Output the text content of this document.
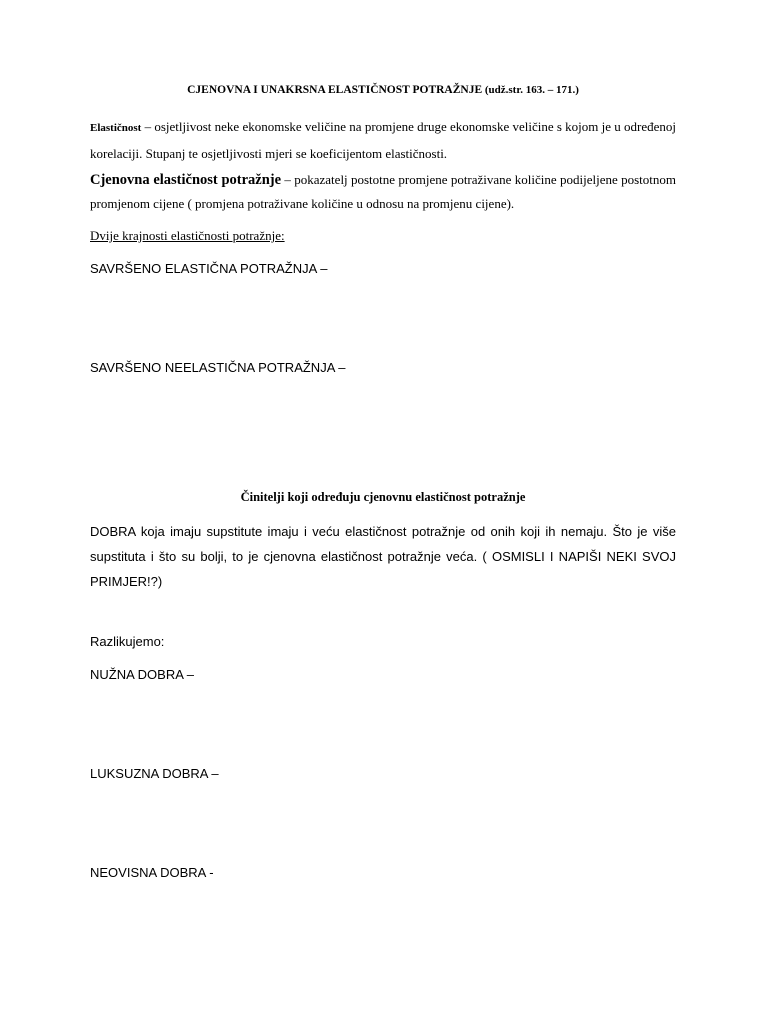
CJENOVNA I UNAKRSNA ELASTIČNOST POTRAŽNJE (udž.str. 163. – 171.)

Elastičnost – osjetljivost neke ekonomske veličine na promjene druge ekonomske veličine s kojom je u određenoj korelaciji. Stupanj te osjetljivosti mjeri se koeficijentom elastičnosti.

Cjenovna elastičnost potražnje – pokazatelj postotne promjene potraživane količine podijeljene postotnom promjenom cijene ( promjena potraživane količine u odnosu na promjenu cijene).

Dvije krajnosti elastičnosti potražnje:
SAVRŠENO ELASTIČNA POTRAŽNJA –
SAVRŠENO NEELASTIČNA POTRAŽNJA –
Činitelji koji određuju cjenovnu elastičnost potražnje

DOBRA koja imaju supstitute imaju i veću elastičnost potražnje od onih koji ih nemaju. Što je više supstituta i što su bolji, to je cjenovna elastičnost potražnje veća. ( OSMISLI I NAPIŠI NEKI SVOJ PRIMJER!?)

Razlikujemo:
NUŽNA DOBRA –
LUKSUZNA DOBRA –
NEOVISNA DOBRA -
